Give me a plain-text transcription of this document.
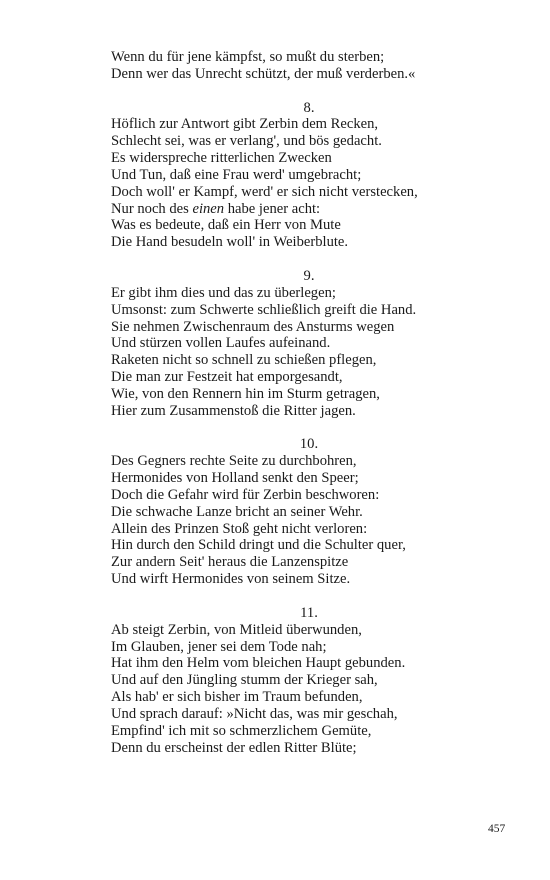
Wenn du für jene kämpfst, so mußt du sterben;
Denn wer das Unrecht schützt, der muß verderben.«
8.
Höflich zur Antwort gibt Zerbin dem Recken,
Schlecht sei, was er verlang', und bös gedacht.
Es widerspreche ritterlichen Zwecken
Und Tun, daß eine Frau werd' umgebracht;
Doch woll' er Kampf, werd' er sich nicht verstecken,
Nur noch des einen habe jener acht:
Was es bedeute, daß ein Herr von Mute
Die Hand besudeln woll' in Weiberblute.
9.
Er gibt ihm dies und das zu überlegen;
Umsonst: zum Schwerte schließlich greift die Hand.
Sie nehmen Zwischenraum des Ansturms wegen
Und stürzen vollen Laufes aufeinand.
Raketen nicht so schnell zu schießen pflegen,
Die man zur Festzeit hat emporgesandt,
Wie, von den Rennern hin im Sturm getragen,
Hier zum Zusammenstoß die Ritter jagen.
10.
Des Gegners rechte Seite zu durchbohren,
Hermonides von Holland senkt den Speer;
Doch die Gefahr wird für Zerbin beschworen:
Die schwache Lanze bricht an seiner Wehr.
Allein des Prinzen Stoß geht nicht verloren:
Hin durch den Schild dringt und die Schulter quer,
Zur andern Seit' heraus die Lanzenspitze
Und wirft Hermonides von seinem Sitze.
11.
Ab steigt Zerbin, von Mitleid überwunden,
Im Glauben, jener sei dem Tode nah;
Hat ihm den Helm vom bleichen Haupt gebunden.
Und auf den Jüngling stumm der Krieger sah,
Als hab' er sich bisher im Traum befunden,
Und sprach darauf: »Nicht das, was mir geschah,
Empfind' ich mit so schmerzlichem Gemüte,
Denn du erscheinst der edlen Ritter Blüte;
457
